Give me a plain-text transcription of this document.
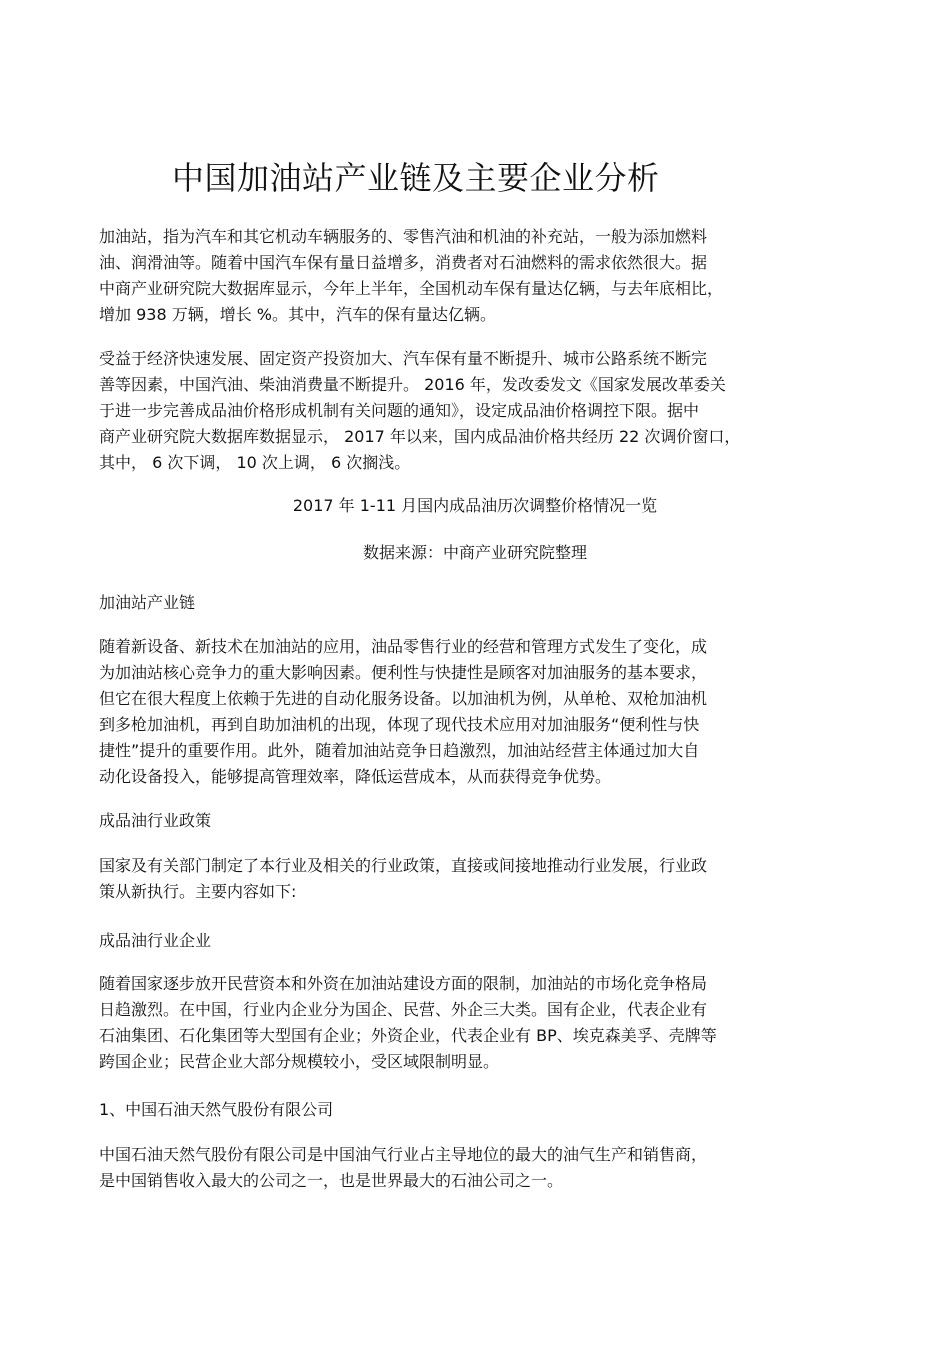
中国加油站产业链及主要企业分析
加油站，指为汽车和其它机动车辆服务的、零售汽油和机油的补充站，一般为添加燃料
油、润滑油等。随着中国汽车保有量日益增多，消费者对石油燃料的需求依然很大。据
中商产业研究院大数据库显示，今年上半年，全国机动车保有量达亿辆，与去年底相比，
增加 938 万辆，增长 %。其中，汽车的保有量达亿辆。
受益于经济快速发展、固定资产投资加大、汽车保有量不断提升、城市公路系统不断完
善等因素，中国汽油、柴油消费量不断提升。 2016 年，发改委发文《国家发展改革委关
于进一步完善成品油价格形成机制有关问题的通知》，设定成品油价格调控下限。据中
商产业研究院大数据库数据显示， 2017 年以来，国内成品油价格共经历 22 次调价窗口，
其中， 6 次下调， 10 次上调， 6 次搁浅。

2017 年 1-11 月国内成品油历次调整价格情况一览

数据来源：中商产业研究院整理

加油站产业链

随着新设备、新技术在加油站的应用，油品零售行业的经营和管理方式发生了变化，成
为加油站核心竞争力的重大影响因素。便利性与快捷性是顾客对加油服务的基本要求，
但它在很大程度上依赖于先进的自动化服务设备。以加油机为例，从单枪、双枪加油机
到多枪加油机，再到自助加油机的出现，体现了现代技术应用对加油服务“便利性与快
捷性”提升的重要作用。此外，随着加油站竞争日趋激烈，加油站经营主体通过加大自
动化设备投入，能够提高管理效率，降低运营成本，从而获得竞争优势。

成品油行业政策

国家及有关部门制定了本行业及相关的行业政策，直接或间接地推动行业发展，行业政
策从新执行。主要内容如下:

成品油行业企业

随着国家逐步放开民营资本和外资在加油站建设方面的限制，加油站的市场化竞争格局
日趋激烈。在中国，行业内企业分为国企、民营、外企三大类。国有企业，代表企业有
石油集团、石化集团等大型国有企业；外资企业，代表企业有 BP、埃克森美孚、壳牌等
跨国企业；民营企业大部分规模较小，受区域限制明显。

1、中国石油天然气股份有限公司

中国石油天然气股份有限公司是中国油气行业占主导地位的最大的油气生产和销售商，
是中国销售收入最大的公司之一，也是世界最大的石油公司之一。
